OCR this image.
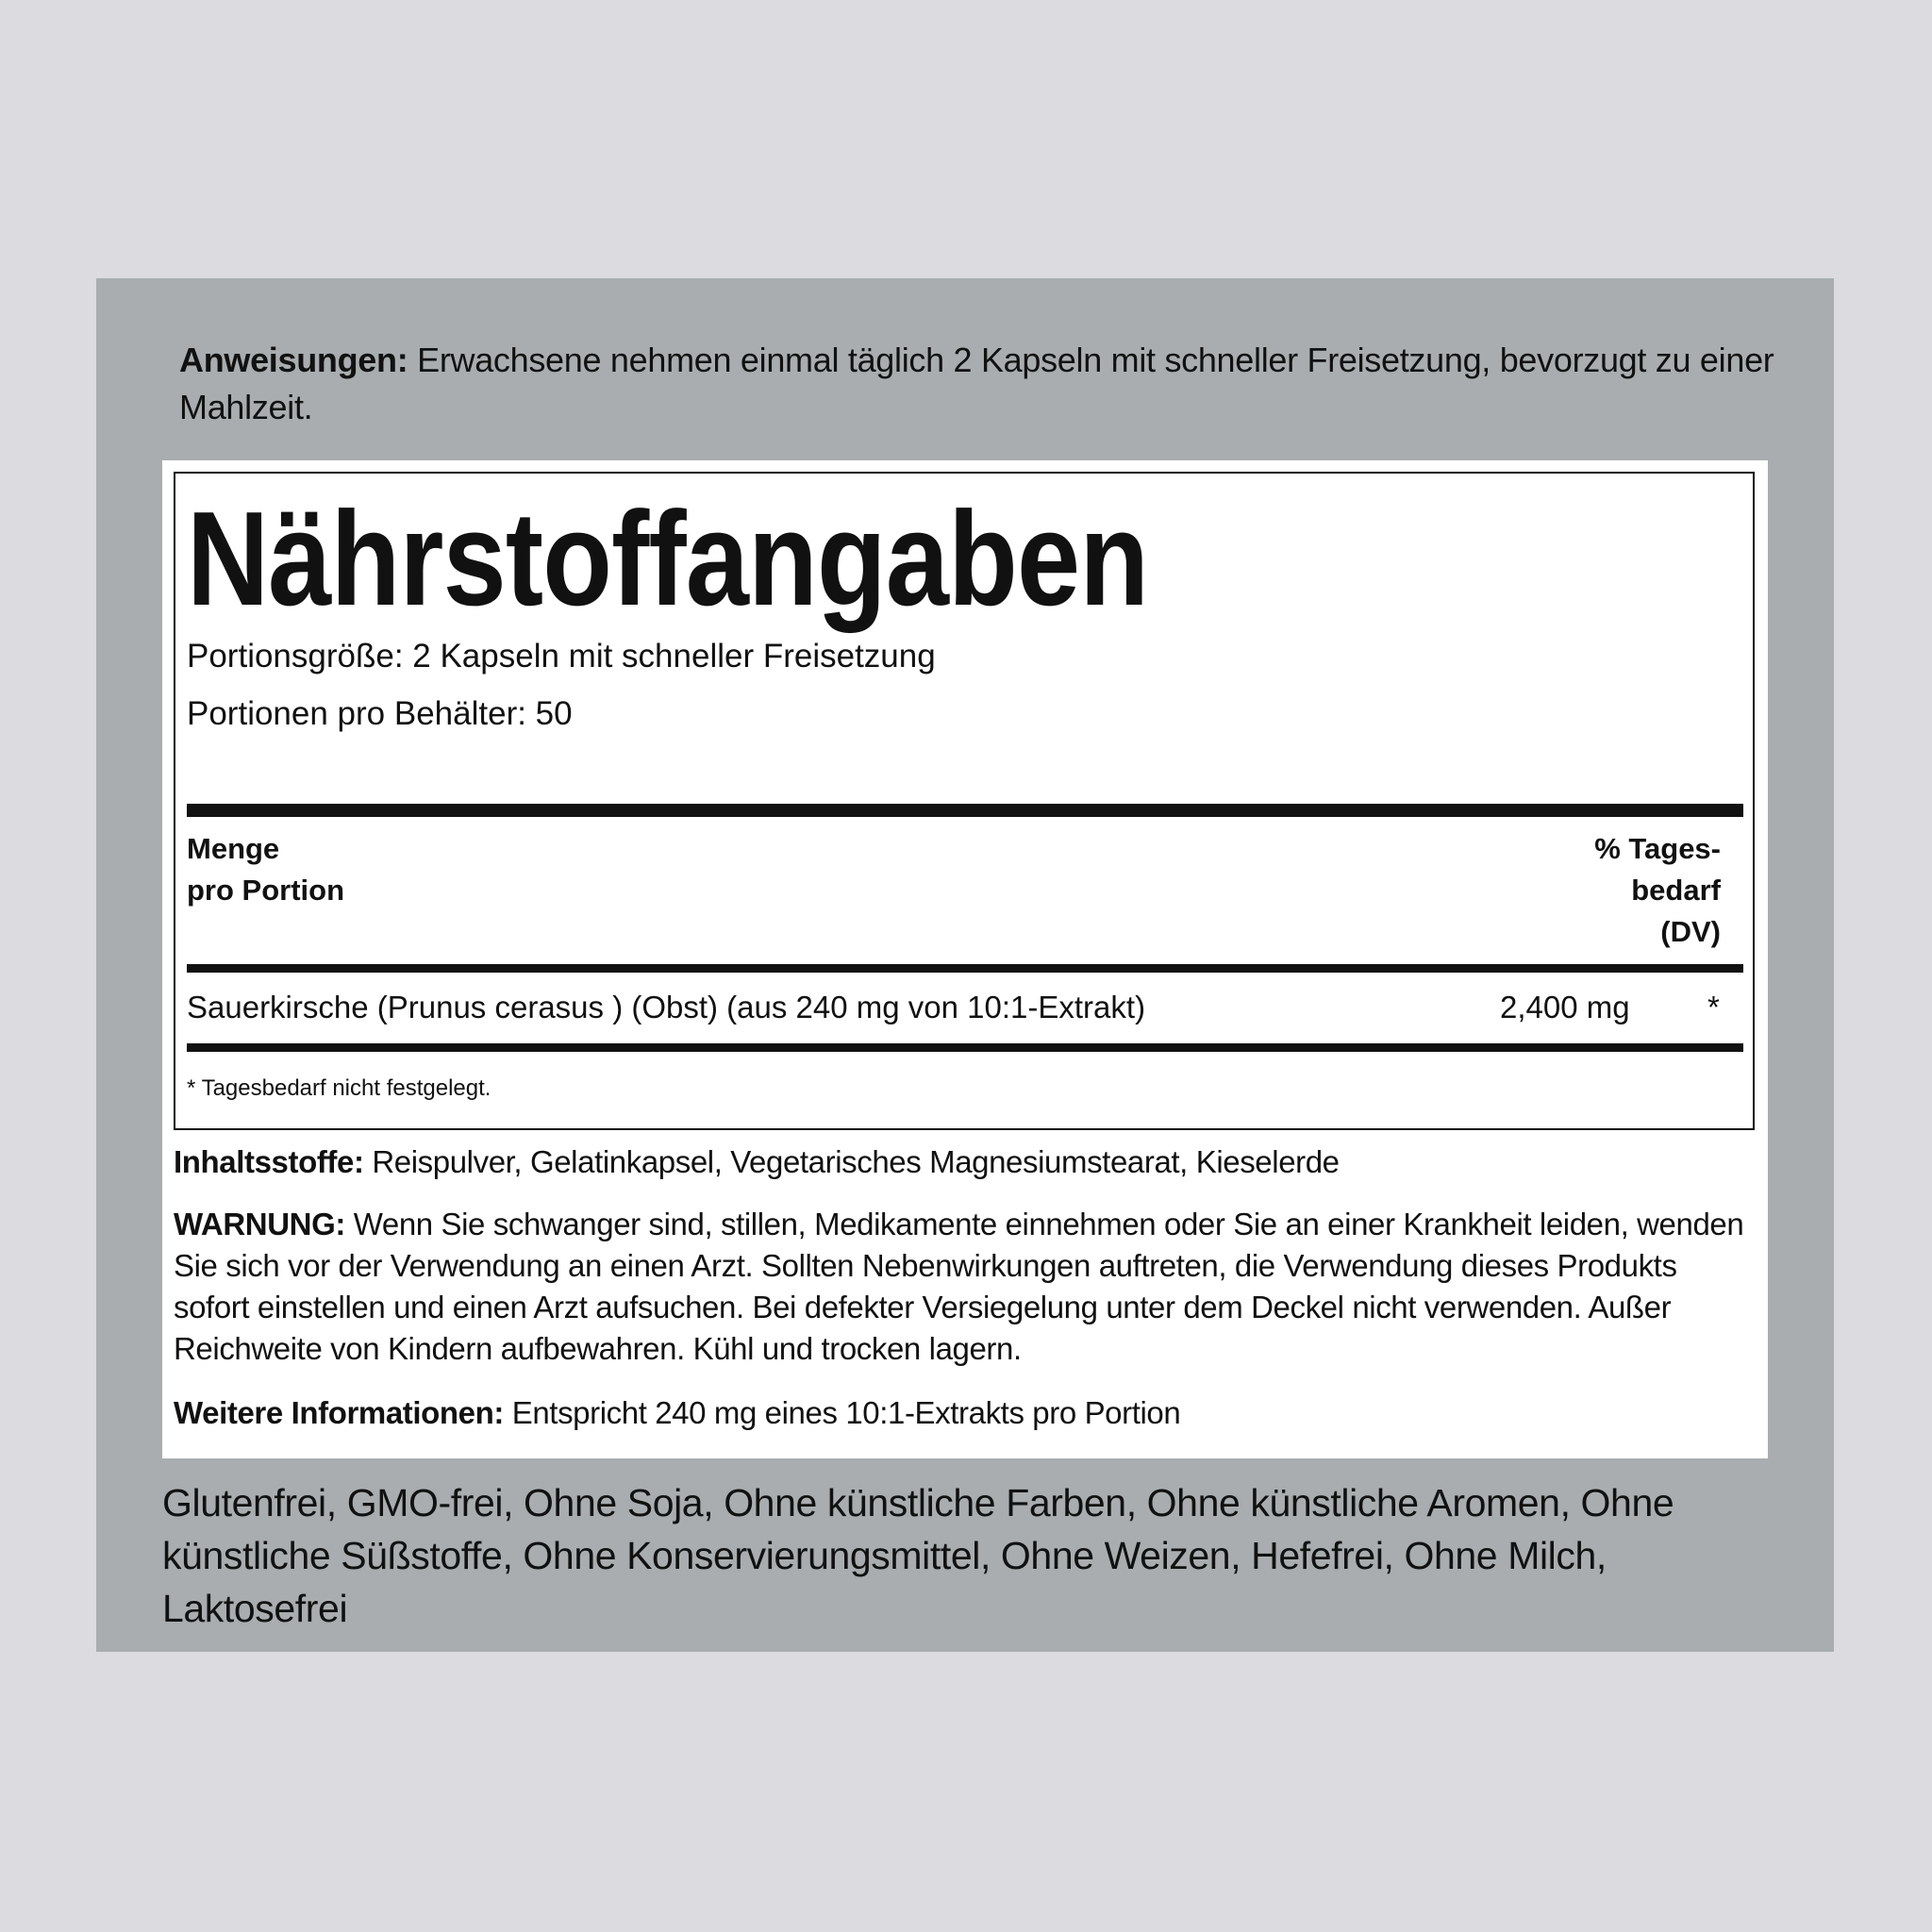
Anweisungen: Erwachsene nehmen einmal täglich 2 Kapseln mit schneller Freisetzung, bevorzugt zu einer Mahlzeit.
Nährstoffangaben
Portionsgröße: 2 Kapseln mit schneller Freisetzung
Portionen pro Behälter: 50
Menge
pro Portion
% Tages-
bedarf
(DV)
Sauerkirsche (Prunus cerasus ) (Obst) (aus 240 mg von 10:1-Extrakt)	2,400 mg *
* Tagesbedarf nicht festgelegt.
Inhaltsstoffe: Reispulver, Gelatinkapsel, Vegetarisches Magnesiumstearat, Kieselerde
WARNUNG: Wenn Sie schwanger sind, stillen, Medikamente einnehmen oder Sie an einer Krankheit leiden, wenden Sie sich vor der Verwendung an einen Arzt. Sollten Nebenwirkungen auftreten, die Verwendung dieses Produkts sofort einstellen und einen Arzt aufsuchen. Bei defekter Versiegelung unter dem Deckel nicht verwenden. Außer Reichweite von Kindern aufbewahren. Kühl und trocken lagern.
Weitere Informationen: Entspricht 240 mg eines 10:1-Extrakts pro Portion
Glutenfrei, GMO-frei, Ohne Soja, Ohne künstliche Farben, Ohne künstliche Aromen, Ohne künstliche Süßstoffe, Ohne Konservierungsmittel, Ohne Weizen, Hefefrei, Ohne Milch, Laktosefrei
